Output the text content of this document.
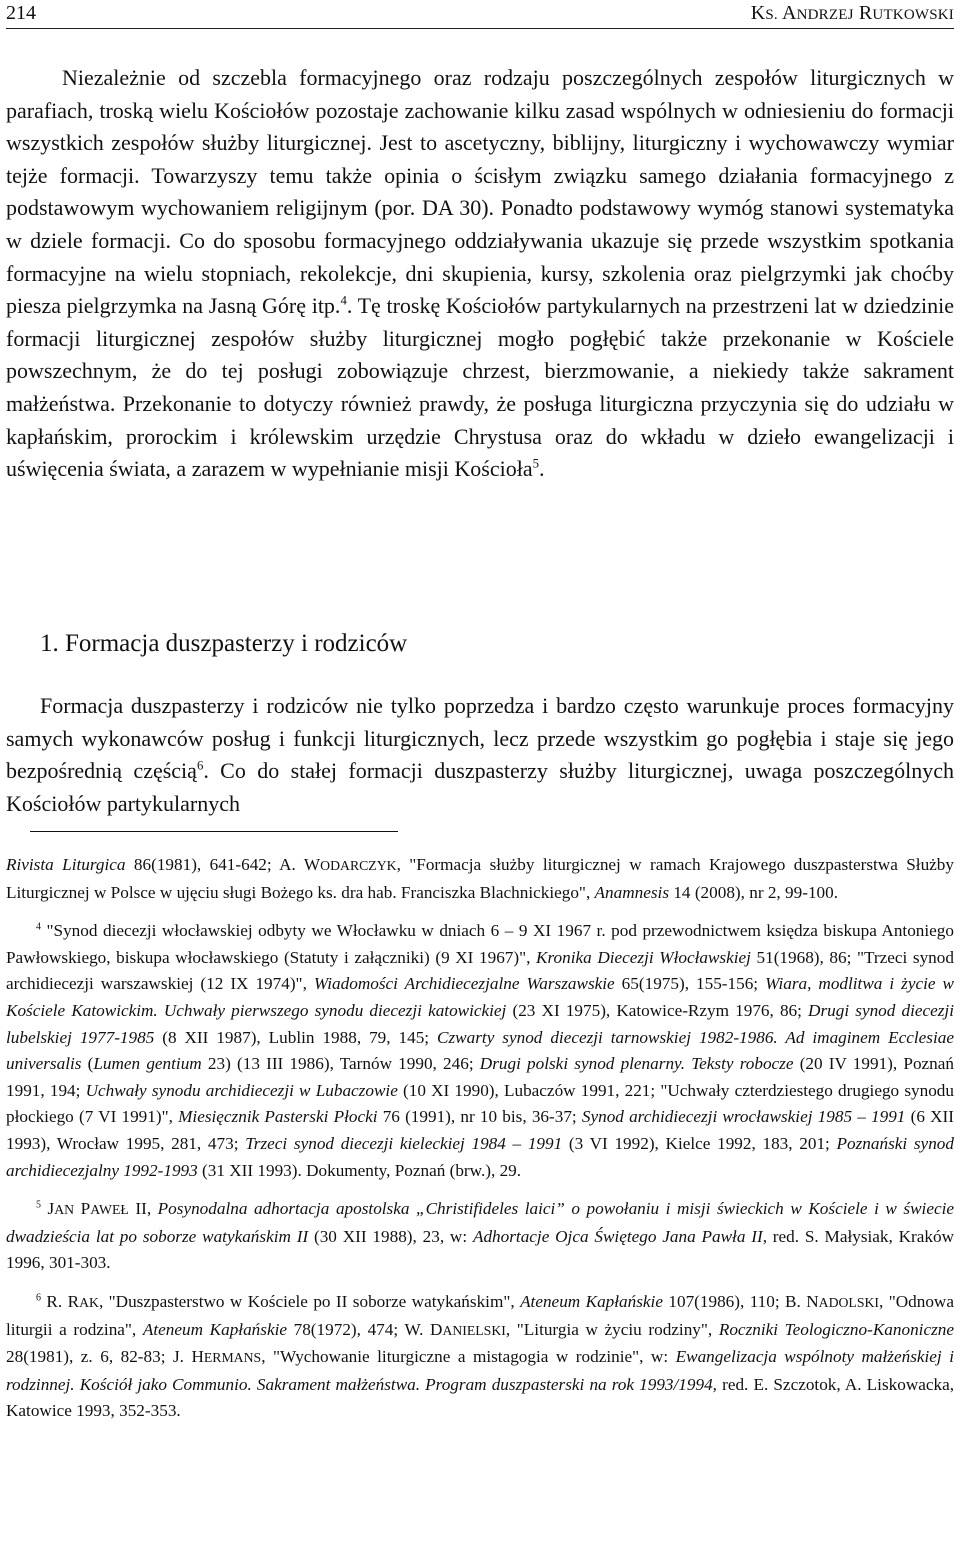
214	KS. ANDRZEJ RUTKOWSKI

Niezależnie od szczebla formacyjnego oraz rodzaju poszczególnych zespołów liturgicznych w parafiach, troską wielu Kościołów pozostaje zachowanie kilku zasad wspólnych w odniesieniu do formacji wszystkich zespołów służby liturgicznej. Jest to ascetyczny, biblijny, liturgiczny i wychowawczy wymiar tejże formacji. Towarzyszy temu także opinia o ścisłym związku samego działania formacyjnego z podstawowym wychowaniem religijnym (por. DA 30). Ponadto podstawowy wymóg stanowi systematyka w dziele formacji. Co do sposobu formacyjnego oddziaływania ukazuje się przede wszystkim spotkania formacyjne na wielu stopniach, rekolekcje, dni skupienia, kursy, szkolenia oraz pielgrzymki jak choćby piesza pielgrzymka na Jasną Górę itp.$^4$. Tę troskę Kościołów partykularnych na przestrzeni lat w dziedzinie formacji liturgicznej zespołów służby liturgicznej mogło pogłębić także przekonanie w Kościele powszechnym, że do tej posługi zobowiązuje chrzest, bierzmowanie, a niekiedy także sakrament małżeństwa. Przekonanie to dotyczy również prawdy, że posługa liturgiczna przyczynia się do udziału w kapłańskim, prorockim i królewskim urzędzie Chrystusa oraz do wkładu w dzieło ewangelizacji i uświęcenia świata, a zarazem w wypełnianie misji Kościoła$^5$.

1. Formacja duszpasterzy i rodziców

Formacja duszpasterzy i rodziców nie tylko poprzedza i bardzo często warunkuje proces formacyjny samych wykonawców posług i funkcji liturgicznych, lecz przede wszystkim go pogłębia i staje się jego bezpośrednią częścią$^6$. Co do stałej formacji duszpasterzy służby liturgicznej, uwaga poszczególnych Kościołów partykularnych

Rivista Liturgica 86(1981), 641-642; A. WODARCZYK, "Formacja służby liturgicznej w ramach Krajowego duszpasterstwa Służby Liturgicznej w Polsce w ujęciu sługi Bożego ks. dra hab. Franciszka Blachnickiego", Anamnesis 14 (2008), nr 2, 99-100.

$^4$ "Synod diecezji włocławskiej odbyty we Włocławku w dniach 6 – 9 XI 1967 r. pod przewodnictwem księdza biskupa Antoniego Pawłowskiego, biskupa włocławskiego (Statuty i załączniki) (9 XI 1967)", Kronika Diecezji Włocławskiej 51(1968), 86; "Trzeci synod archidiecezji warszawskiej (12 IX 1974)", Wiadomości Archidiecezjalne Warszawskie 65(1975), 155-156; Wiara, modlitwa i życie w Kościele Katowickim. Uchwały pierwszego synodu diecezji katowickiej (23 XI 1975), Katowice-Rzym 1976, 86; Drugi synod diecezji lubelskiej 1977-1985 (8 XII 1987), Lublin 1988, 79, 145; Czwarty synod diecezji tarnowskiej 1982-1986. Ad imaginem Ecclesiae universalis (Lumen gentium 23) (13 III 1986), Tarnów 1990, 246; Drugi polski synod plenarny. Teksty robocze (20 IV 1991), Poznań 1991, 194; Uchwały synodu archidiecezji w Lubaczowie (10 XI 1990), Lubaczów 1991, 221; "Uchwały czterdziestego drugiego synodu płockiego (7 VI 1991)", Miesięcznik Pasterski Płocki 76 (1991), nr 10 bis, 36-37; Synod archidiecezji wrocławskiej 1985 – 1991 (6 XII 1993), Wrocław 1995, 281, 473; Trzeci synod diecezji kieleckiej 1984 – 1991 (3 VI 1992), Kielce 1992, 183, 201; Poznański synod archidiecezjalny 1992-1993 (31 XII 1993). Dokumenty, Poznań (brw.), 29.

$^5$ JAN PAWEŁ II, Posynodalna adhortacja apostolska „Christifideles laici” o powołaniu i misji świeckich w Kościele i w świecie dwadzieścia lat po soborze watykańskim II (30 XII 1988), 23, w: Adhortacje Ojca Świętego Jana Pawła II, red. S. Małysiak, Kraków 1996, 301-303.

$^6$ R. RAK, "Duszpasterstwo w Kościele po II soborze watykańskim", Ateneum Kapłańskie 107(1986), 110; B. NADOLSKI, "Odnowa liturgii a rodzina", Ateneum Kapłańskie 78(1972), 474; W. DANIELSKI, "Liturgia w życiu rodziny", Roczniki Teologiczno-Kanoniczne 28(1981), z. 6, 82-83; J. HERMANS, "Wychowanie liturgiczne a mistagogia w rodzinie", w: Ewangelizacja wspólnoty małżeńskiej i rodzinnej. Kościół jako Communio. Sakrament małżeństwa. Program duszpasterski na rok 1993/1994, red. E. Szczotok, A. Liskowacka, Katowice 1993, 352-353.
